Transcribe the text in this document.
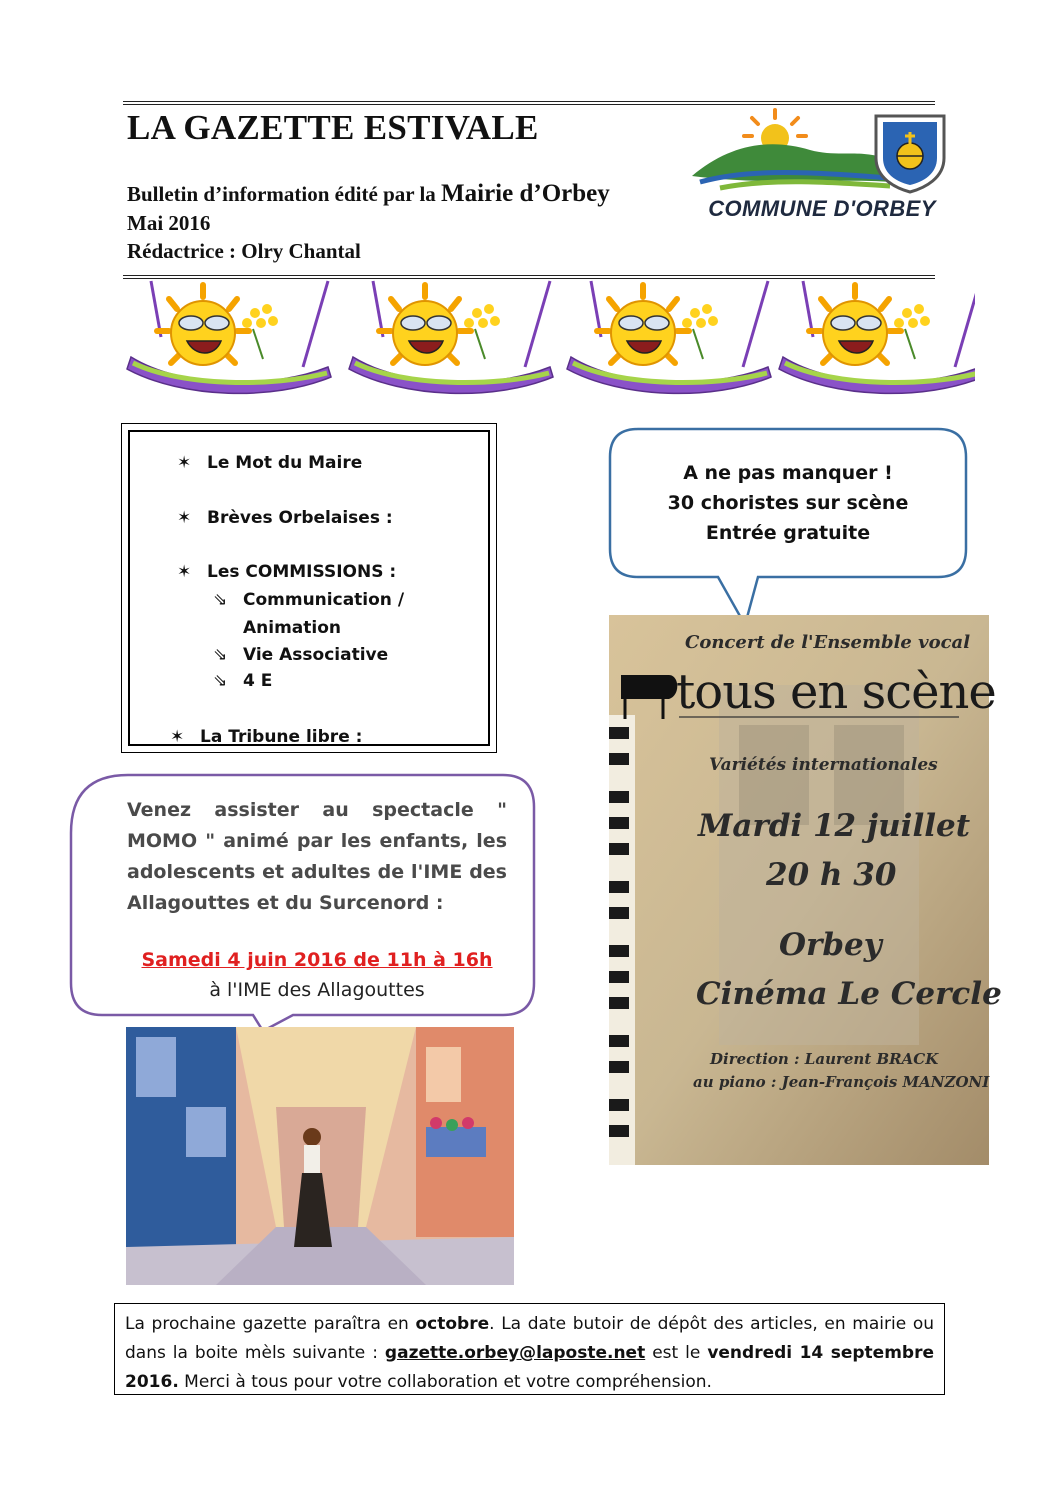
LA GAZETTE ESTIVALE
Bulletin d’information édité par la Mairie d’Orbey
Mai 2016
Rédactrice : Olry Chantal
COMMUNE D'ORBEY
✶ Le Mot du Maire
✶ Brèves Orbelaises :
✶ Les COMMISSIONS :
⇘ Communication /
Animation
⇘ Vie Associative
⇘ 4 E
✶ La Tribune libre :
A ne pas manquer !
30 choristes sur scène
Entrée gratuite
Venez assister au spectacle "
MOMO " animé par les enfants, les
adolescents et adultes de l'IME des
Allagouttes et du Surcenord :
Samedi 4 juin 2016 de 11h à 16h
à l'IME des Allagouttes
Concert de l'Ensemble vocal
tous en scène
Variétés internationales
Mardi 12 juillet
20 h 30
Orbey
Cinéma Le Cercle
Direction : Laurent BRACK
au piano : Jean-François MANZONI
La prochaine gazette paraîtra en octobre. La date butoir de dépôt des articles, en mairie ou dans la boite mèls suivante : gazette.orbey@laposte.net est le vendredi 14 septembre 2016. Merci à tous pour votre collaboration et votre compréhension.
